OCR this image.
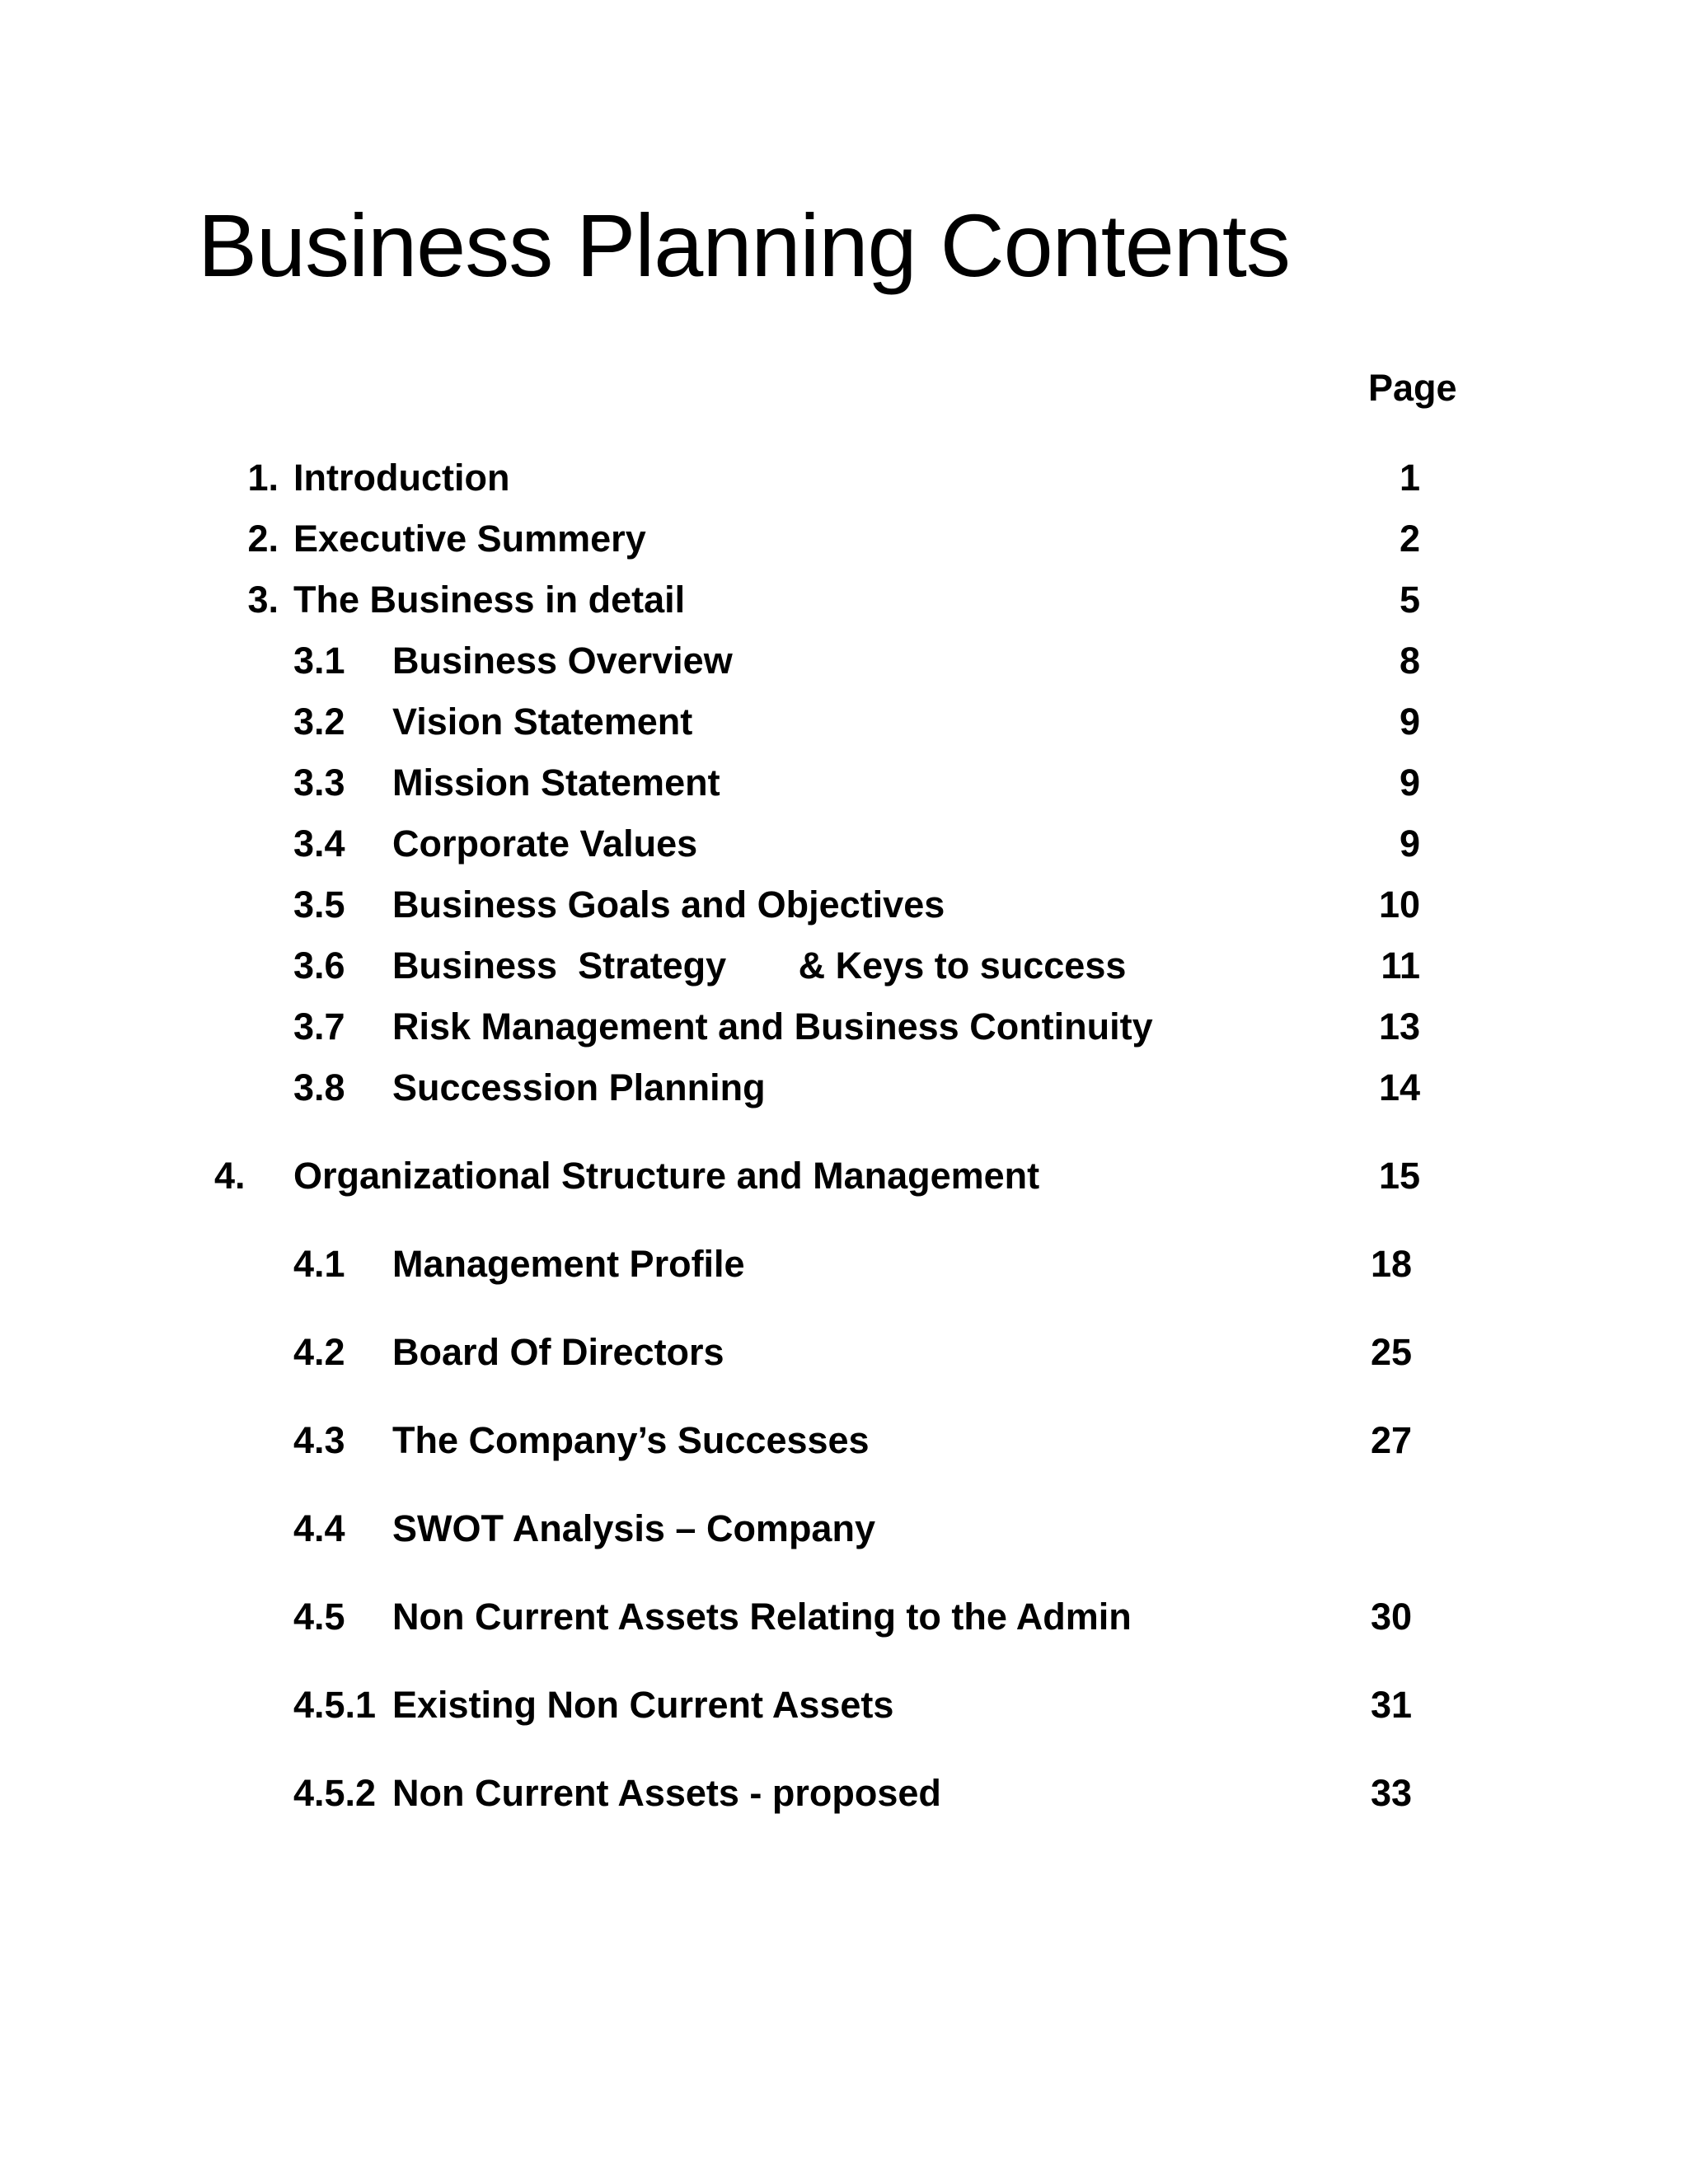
Business Planning Contents
Page
1. Introduction	1
2. Executive Summery	2
3. The Business in detail	5
3.1 Business Overview	8
3.2 Vision Statement	9
3.3 Mission Statement	9
3.4 Corporate Values	9
3.5 Business Goals and Objectives	10
3.6 Business  Strategy       & Keys to success	11
3.7 Risk Management and Business Continuity	13
3.8 Succession Planning	14
4. Organizational Structure and Management	15
4.1 Management Profile	18
4.2 Board Of Directors	25
4.3 The Company’s Successes	27
4.4 SWOT Analysis – Company
4.5 Non Current Assets Relating to the Admin	30
4.5.1 Existing Non Current Assets	31
4.5.2 Non Current Assets - proposed	33
